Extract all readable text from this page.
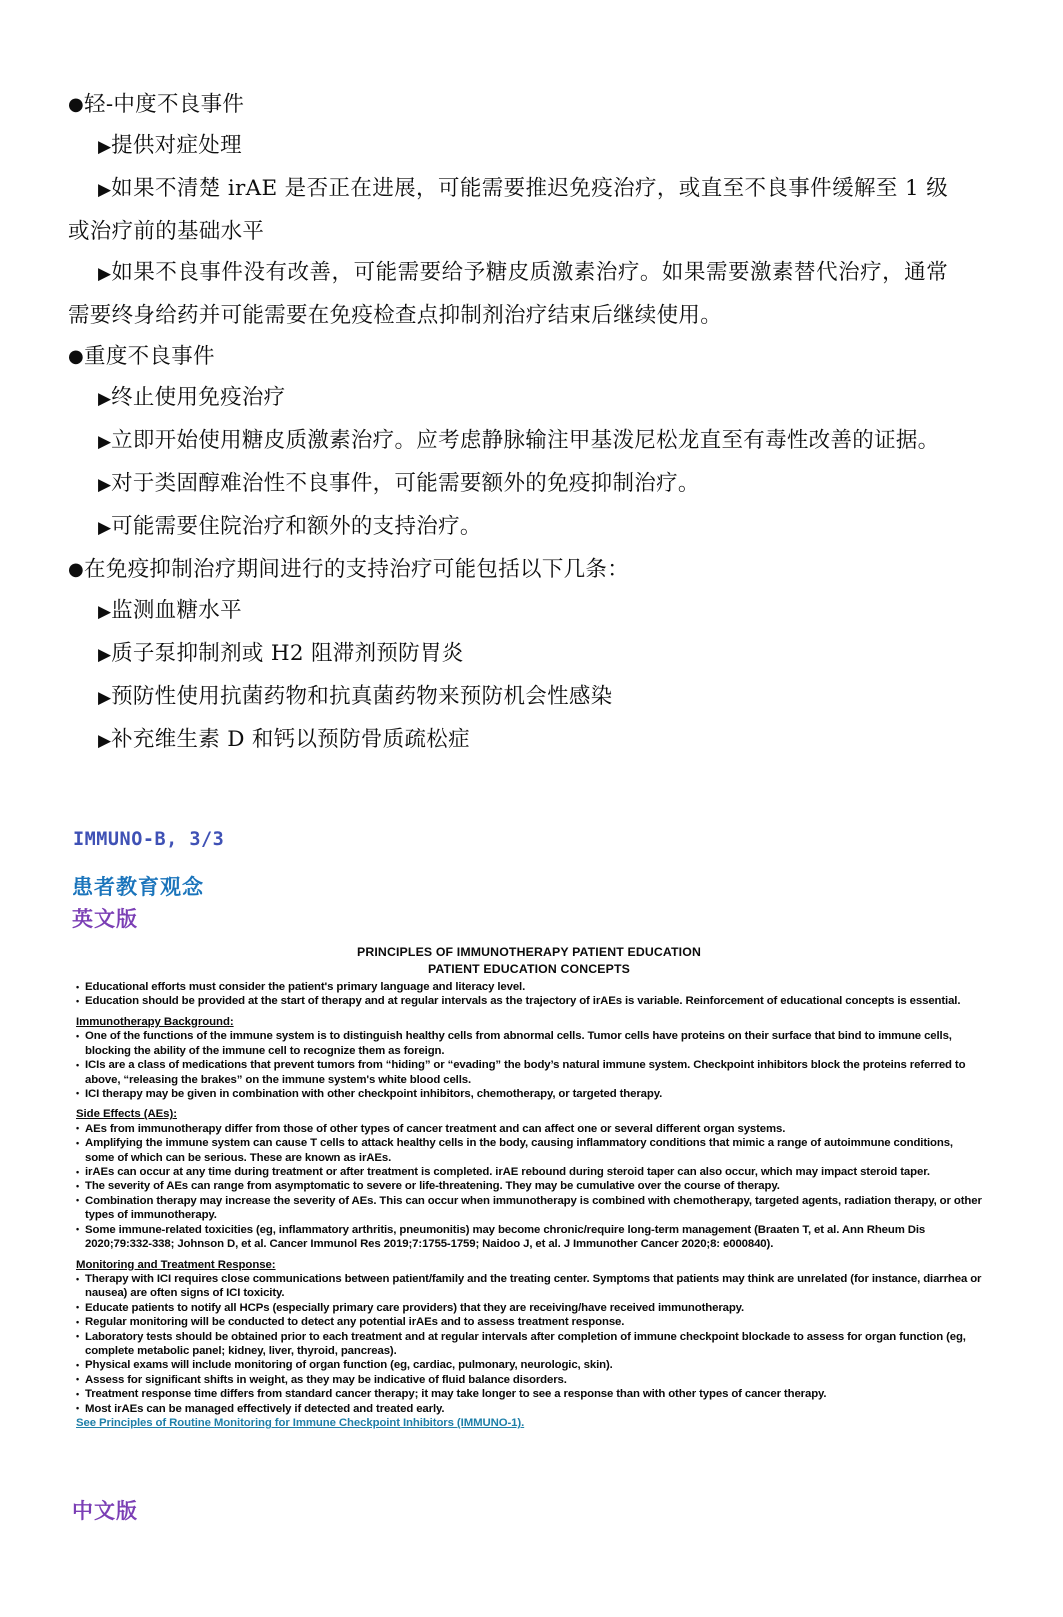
●轻-中度不良事件
▶提供对症处理
▶如果不清楚 irAE 是否正在进展，可能需要推迟免疫治疗，或直至不良事件缓解至 1 级或治疗前的基础水平
▶如果不良事件没有改善，可能需要给予糖皮质激素治疗。如果需要激素替代治疗，通常需要终身给药并可能需要在免疫检查点抑制剂治疗结束后继续使用。
●重度不良事件
▶终止使用免疫治疗
▶立即开始使用糖皮质激素治疗。应考虑静脉输注甲基泼尼松龙直至有毒性改善的证据。
▶对于类固醇难治性不良事件，可能需要额外的免疫抑制治疗。
▶可能需要住院治疗和额外的支持治疗。
●在免疫抑制治疗期间进行的支持治疗可能包括以下几条：
▶监测血糖水平
▶质子泵抑制剂或 H2 阻滞剂预防胃炎
▶预防性使用抗菌药物和抗真菌药物来预防机会性感染
▶补充维生素 D 和钙以预防骨质疏松症
IMMUNO-B, 3/3
患者教育观念
英文版
PRINCIPLES OF IMMUNOTHERAPY PATIENT EDUCATION
PATIENT EDUCATION CONCEPTS
• Educational efforts must consider the patient's primary language and literacy level.
• Education should be provided at the start of therapy and at regular intervals as the trajectory of irAEs is variable. Reinforcement of educational concepts is essential.
Immunotherapy Background:
• One of the functions of the immune system is to distinguish healthy cells from abnormal cells. Tumor cells have proteins on their surface that bind to immune cells, blocking the ability of the immune cell to recognize them as foreign.
• ICIs are a class of medications that prevent tumors from “hiding” or “evading” the body’s natural immune system. Checkpoint inhibitors block the proteins referred to above, “releasing the brakes” on the immune system's white blood cells.
• ICI therapy may be given in combination with other checkpoint inhibitors, chemotherapy, or targeted therapy.
Side Effects (AEs):
• AEs from immunotherapy differ from those of other types of cancer treatment and can affect one or several different organ systems.
• Amplifying the immune system can cause T cells to attack healthy cells in the body, causing inflammatory conditions that mimic a range of autoimmune conditions, some of which can be serious. These are known as irAEs.
• irAEs can occur at any time during treatment or after treatment is completed. irAE rebound during steroid taper can also occur, which may impact steroid taper.
• The severity of AEs can range from asymptomatic to severe or life-threatening. They may be cumulative over the course of therapy.
• Combination therapy may increase the severity of AEs. This can occur when immunotherapy is combined with chemotherapy, targeted agents, radiation therapy, or other types of immunotherapy.
• Some immune-related toxicities (eg, inflammatory arthritis, pneumonitis) may become chronic/require long-term management (Braaten T, et al. Ann Rheum Dis 2020;79:332-338; Johnson D, et al. Cancer Immunol Res 2019;7:1755-1759; Naidoo J, et al. J Immunother Cancer 2020;8: e000840).
Monitoring and Treatment Response:
• Therapy with ICI requires close communications between patient/family and the treating center. Symptoms that patients may think are unrelated (for instance, diarrhea or nausea) are often signs of ICI toxicity.
• Educate patients to notify all HCPs (especially primary care providers) that they are receiving/have received immunotherapy.
• Regular monitoring will be conducted to detect any potential irAEs and to assess treatment response.
• Laboratory tests should be obtained prior to each treatment and at regular intervals after completion of immune checkpoint blockade to assess for organ function (eg, complete metabolic panel; kidney, liver, thyroid, pancreas).
• Physical exams will include monitoring of organ function (eg, cardiac, pulmonary, neurologic, skin).
• Assess for significant shifts in weight, as they may be indicative of fluid balance disorders.
• Treatment response time differs from standard cancer therapy; it may take longer to see a response than with other types of cancer therapy.
• Most irAEs can be managed effectively if detected and treated early.
See Principles of Routine Monitoring for Immune Checkpoint Inhibitors (IMMUNO-1).
中文版
